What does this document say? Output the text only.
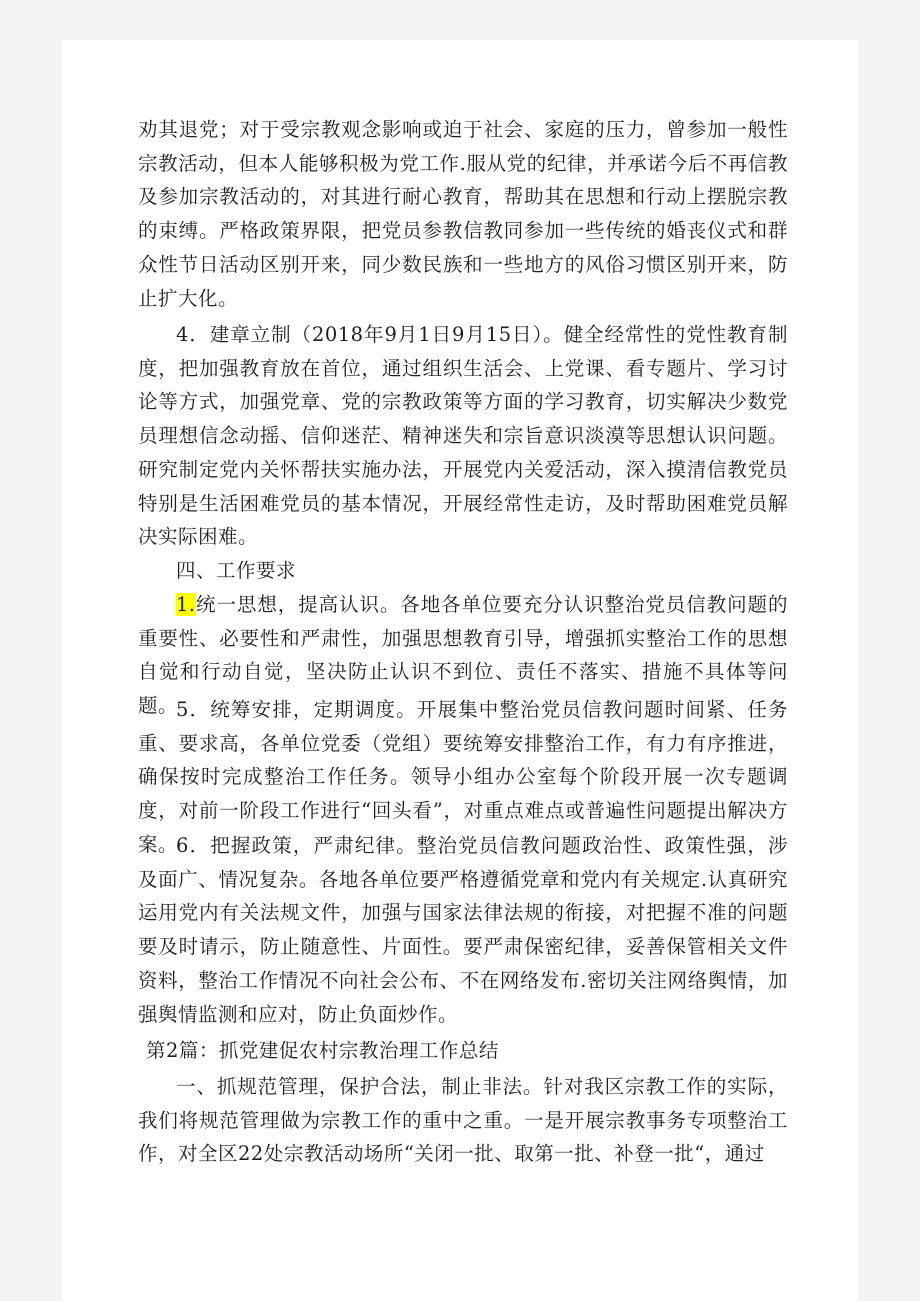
劝其退党；对于受宗教观念影响或迫于社会、家庭的压力，曾参加一般性宗教活动，但本人能够积极为党工作.服从党的纪律，并承诺今后不再信教及参加宗教活动的，对其进行耐心教育，帮助其在思想和行动上摆脱宗教的束缚。严格政策界限，把党员参教信教同参加一些传统的婚丧仪式和群众性节日活动区别开来，同少数民族和一些地方的风俗习惯区别开来，防止扩大化。

4．建章立制（2018年9月1日9月15日）。健全经常性的党性教育制度，把加强教育放在首位，通过组织生活会、上党课、看专题片、学习讨论等方式，加强党章、党的宗教政策等方面的学习教育，切实解决少数党员理想信念动摇、信仰迷茫、精神迷失和宗旨意识淡漠等思想认识问题。研究制定党内关怀帮扶实施办法，开展党内关爱活动，深入摸清信教党员特别是生活困难党员的基本情况，开展经常性走访，及时帮助困难党员解决实际困难。

四、工作要求

1.统一思想，提高认识。各地各单位要充分认识整治党员信教问题的重要性、必要性和严肃性，加强思想教育引导，增强抓实整治工作的思想自觉和行动自觉，坚决防止认识不到位、责任不落实、措施不具体等问题。

5．统筹安排，定期调度。开展集中整治党员信教问题时间紧、任务重、要求高，各单位党委（党组）要统筹安排整治工作，有力有序推进，确保按时完成整治工作任务。领导小组办公室每个阶段开展一次专题调度，对前一阶段工作进行“回头看”，对重点难点或普遍性问题提出解决方案。

6．把握政策，严肃纪律。整治党员信教问题政治性、政策性强，涉及面广、情况复杂。各地各单位要严格遵循党章和党内有关规定.认真研究运用党内有关法规文件，加强与国家法律法规的衔接，对把握不准的问题要及时请示，防止随意性、片面性。要严肃保密纪律，妥善保管相关文件资料，整治工作情况不向社会公布、不在网络发布.密切关注网络舆情，加强舆情监测和应对，防止负面炒作。

第2篇：抓党建促农村宗教治理工作总结

一、抓规范管理，保护合法，制止非法。针对我区宗教工作的实际，我们将规范管理做为宗教工作的重中之重。一是开展宗教事务专项整治工作，对全区22处宗教活动场所“关闭一批、取第一批、补登一批“，通过
